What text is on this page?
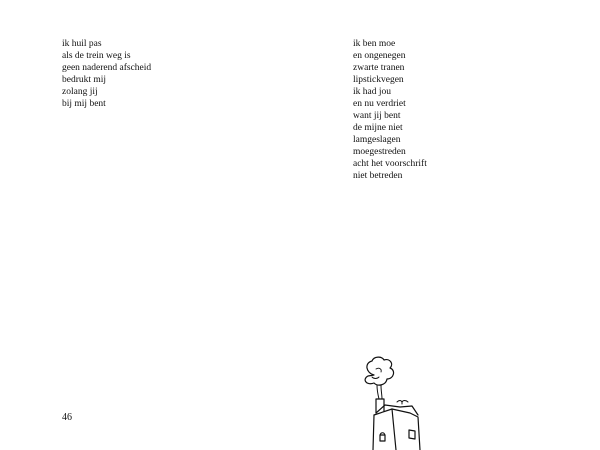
ik huil pas
als de trein weg is
geen naderend afscheid
bedrukt mij
zolang jij
bij mij bent
ik ben moe
en ongenegen
zwarte tranen
lipstickvegen
ik had jou
en nu verdriet
want jij bent
de mijne niet
lamgeslagen
moegestreden
acht het voorschrift
niet betreden
46
